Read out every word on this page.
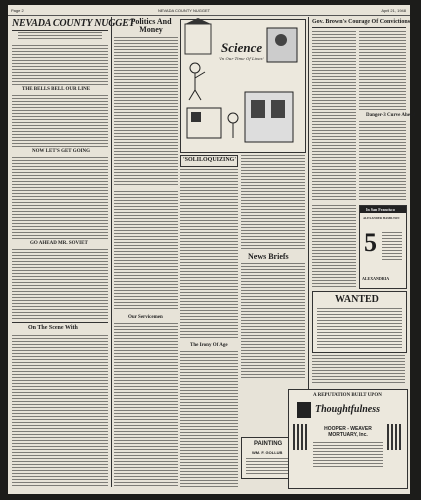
Page 2	NEVADA COUNTY NUGGET	April 21, 1948
NEVADA COUNTY NUGGET
THE BELLS BELL OUR LINE
NOW LET'S GET GOING
GO AHEAD MR. SOVIET
On The Scene With
Politics And Money
Science
'In Our Time Of Lives'
'SOLILOQUIZING'
News Briefs
Our Servicemen
The Irony Of Age
PAINTING
WM. F. GOLLUB
Gov. Brown's Courage Of Convictions
Danger-3 Curve Ahead
In San Francisco
ALEXANDER HAMILTON
5
ALEXANDRIA
WANTED
A REPUTATION BUILT UPON
Thoughtfulness
HOOPER - WEAVER MORTUARY, Inc.
